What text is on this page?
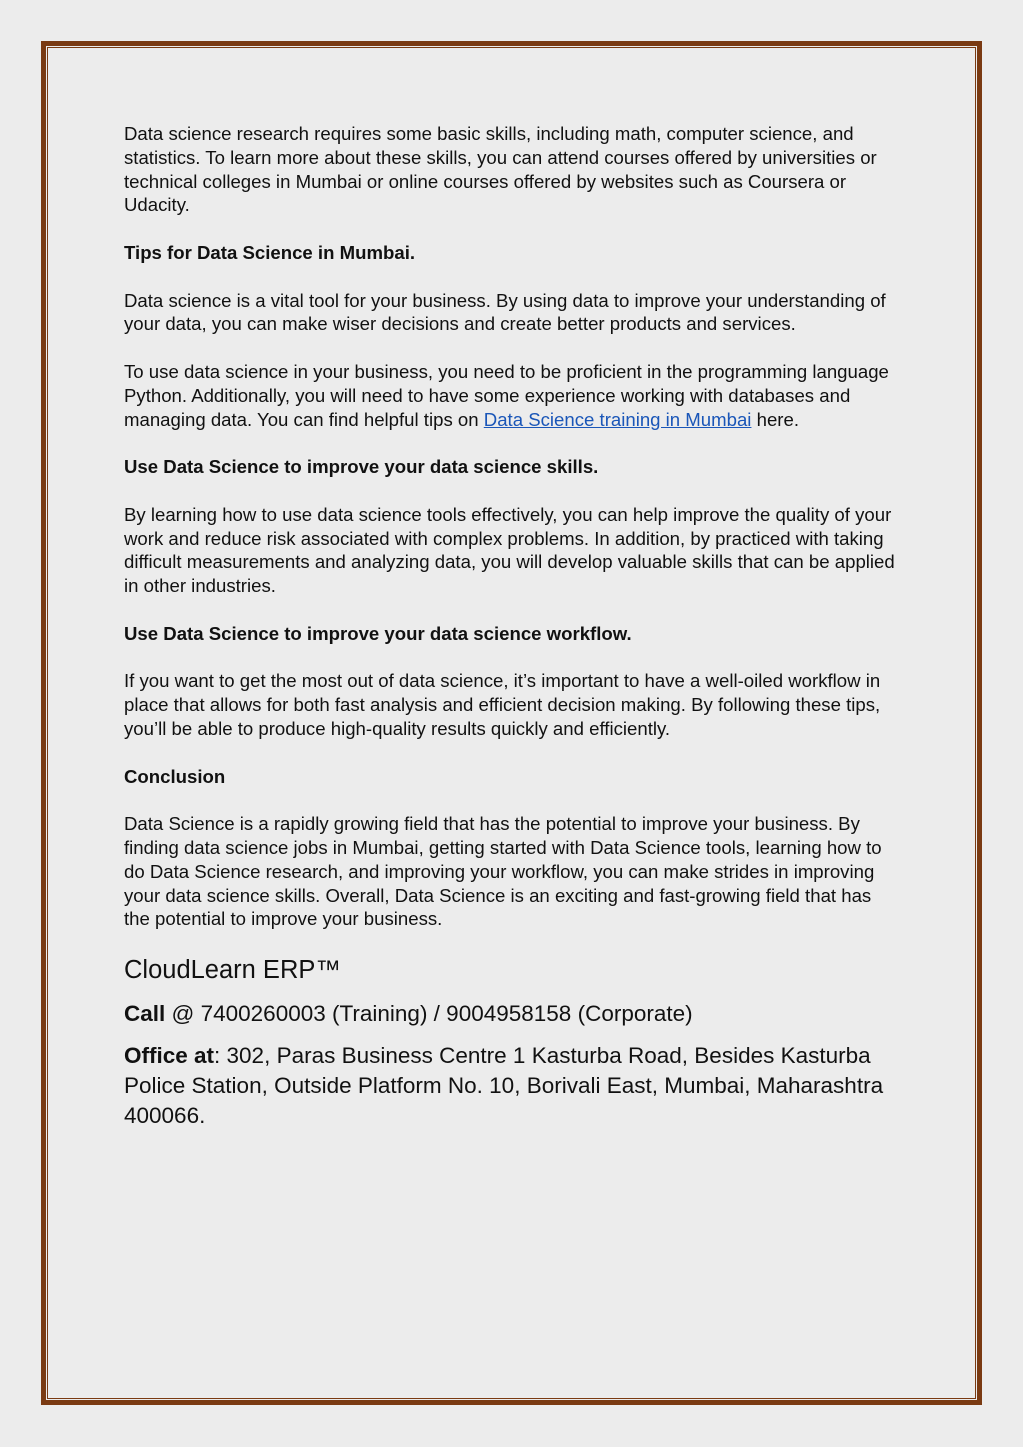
Data science research requires some basic skills, including math, computer science, and statistics. To learn more about these skills, you can attend courses offered by universities or technical colleges in Mumbai or online courses offered by websites such as Coursera or Udacity.

Tips for Data Science in Mumbai.

Data science is a vital tool for your business. By using data to improve your understanding of your data, you can make wiser decisions and create better products and services.

To use data science in your business, you need to be proficient in the programming language Python. Additionally, you will need to have some experience working with databases and managing data. You can find helpful tips on Data Science training in Mumbai here.

Use Data Science to improve your data science skills.

By learning how to use data science tools effectively, you can help improve the quality of your work and reduce risk associated with complex problems. In addition, by practiced with taking difficult measurements and analyzing data, you will develop valuable skills that can be applied in other industries.

Use Data Science to improve your data science workflow.

If you want to get the most out of data science, it’s important to have a well-oiled workflow in place that allows for both fast analysis and efficient decision making. By following these tips, you’ll be able to produce high-quality results quickly and efficiently.

Conclusion

Data Science is a rapidly growing field that has the potential to improve your business. By finding data science jobs in Mumbai, getting started with Data Science tools, learning how to do Data Science research, and improving your workflow, you can make strides in improving your data science skills. Overall, Data Science is an exciting and fast-growing field that has the potential to improve your business.

CloudLearn ERP™

Call @ 7400260003 (Training) / 9004958158 (Corporate)

Office at: 302, Paras Business Centre 1 Kasturba Road, Besides Kasturba Police Station, Outside Platform No. 10, Borivali East, Mumbai, Maharashtra 400066.
